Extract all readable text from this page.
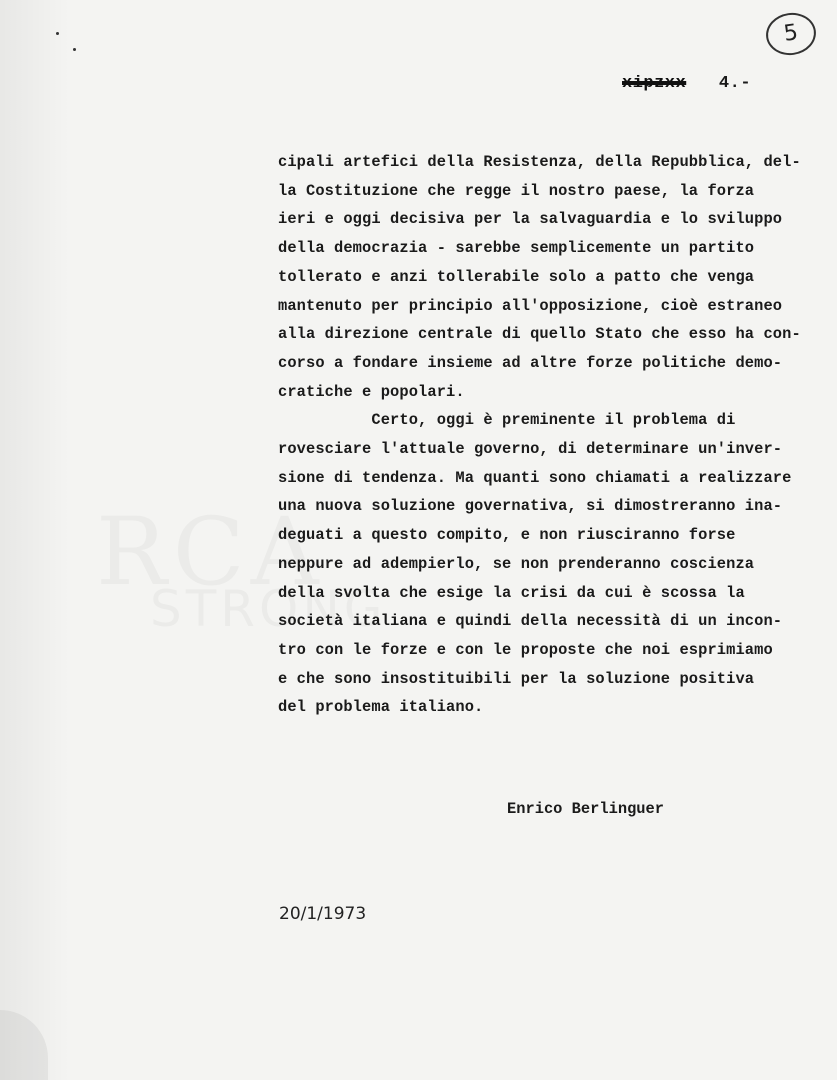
5
xipzxx 4.-
cipali artefici della Resistenza, della Repubblica, del-
la Costituzione che regge il nostro paese, la forza
ieri e oggi decisiva per la salvaguardia e lo sviluppo
della democrazia - sarebbe semplicemente un partito
tollerato e anzi tollerabile solo a patto che venga
mantenuto per principio all'opposizione, cioè estraneo
alla direzione centrale di quello Stato che esso ha con-
corso a fondare insieme ad altre forze politiche demo-
cratiche e popolari.
Certo, oggi è preminente il problema di
rovesciare l'attuale governo, di determinare un'inver-
sione di tendenza. Ma quanti sono chiamati a realizzare
una nuova soluzione governativa, si dimostreranno ina-
deguati a questo compito, e non riusciranno forse
neppure ad adempierlo, se non prenderanno coscienza
della svolta che esige la crisi da cui è scossa la
società italiana e quindi della necessità di un incon-
tro con le forze e con le proposte che noi esprimiamo
e che sono insostituibili per la soluzione positiva
del problema italiano.
Enrico Berlinguer
20/1/1973
